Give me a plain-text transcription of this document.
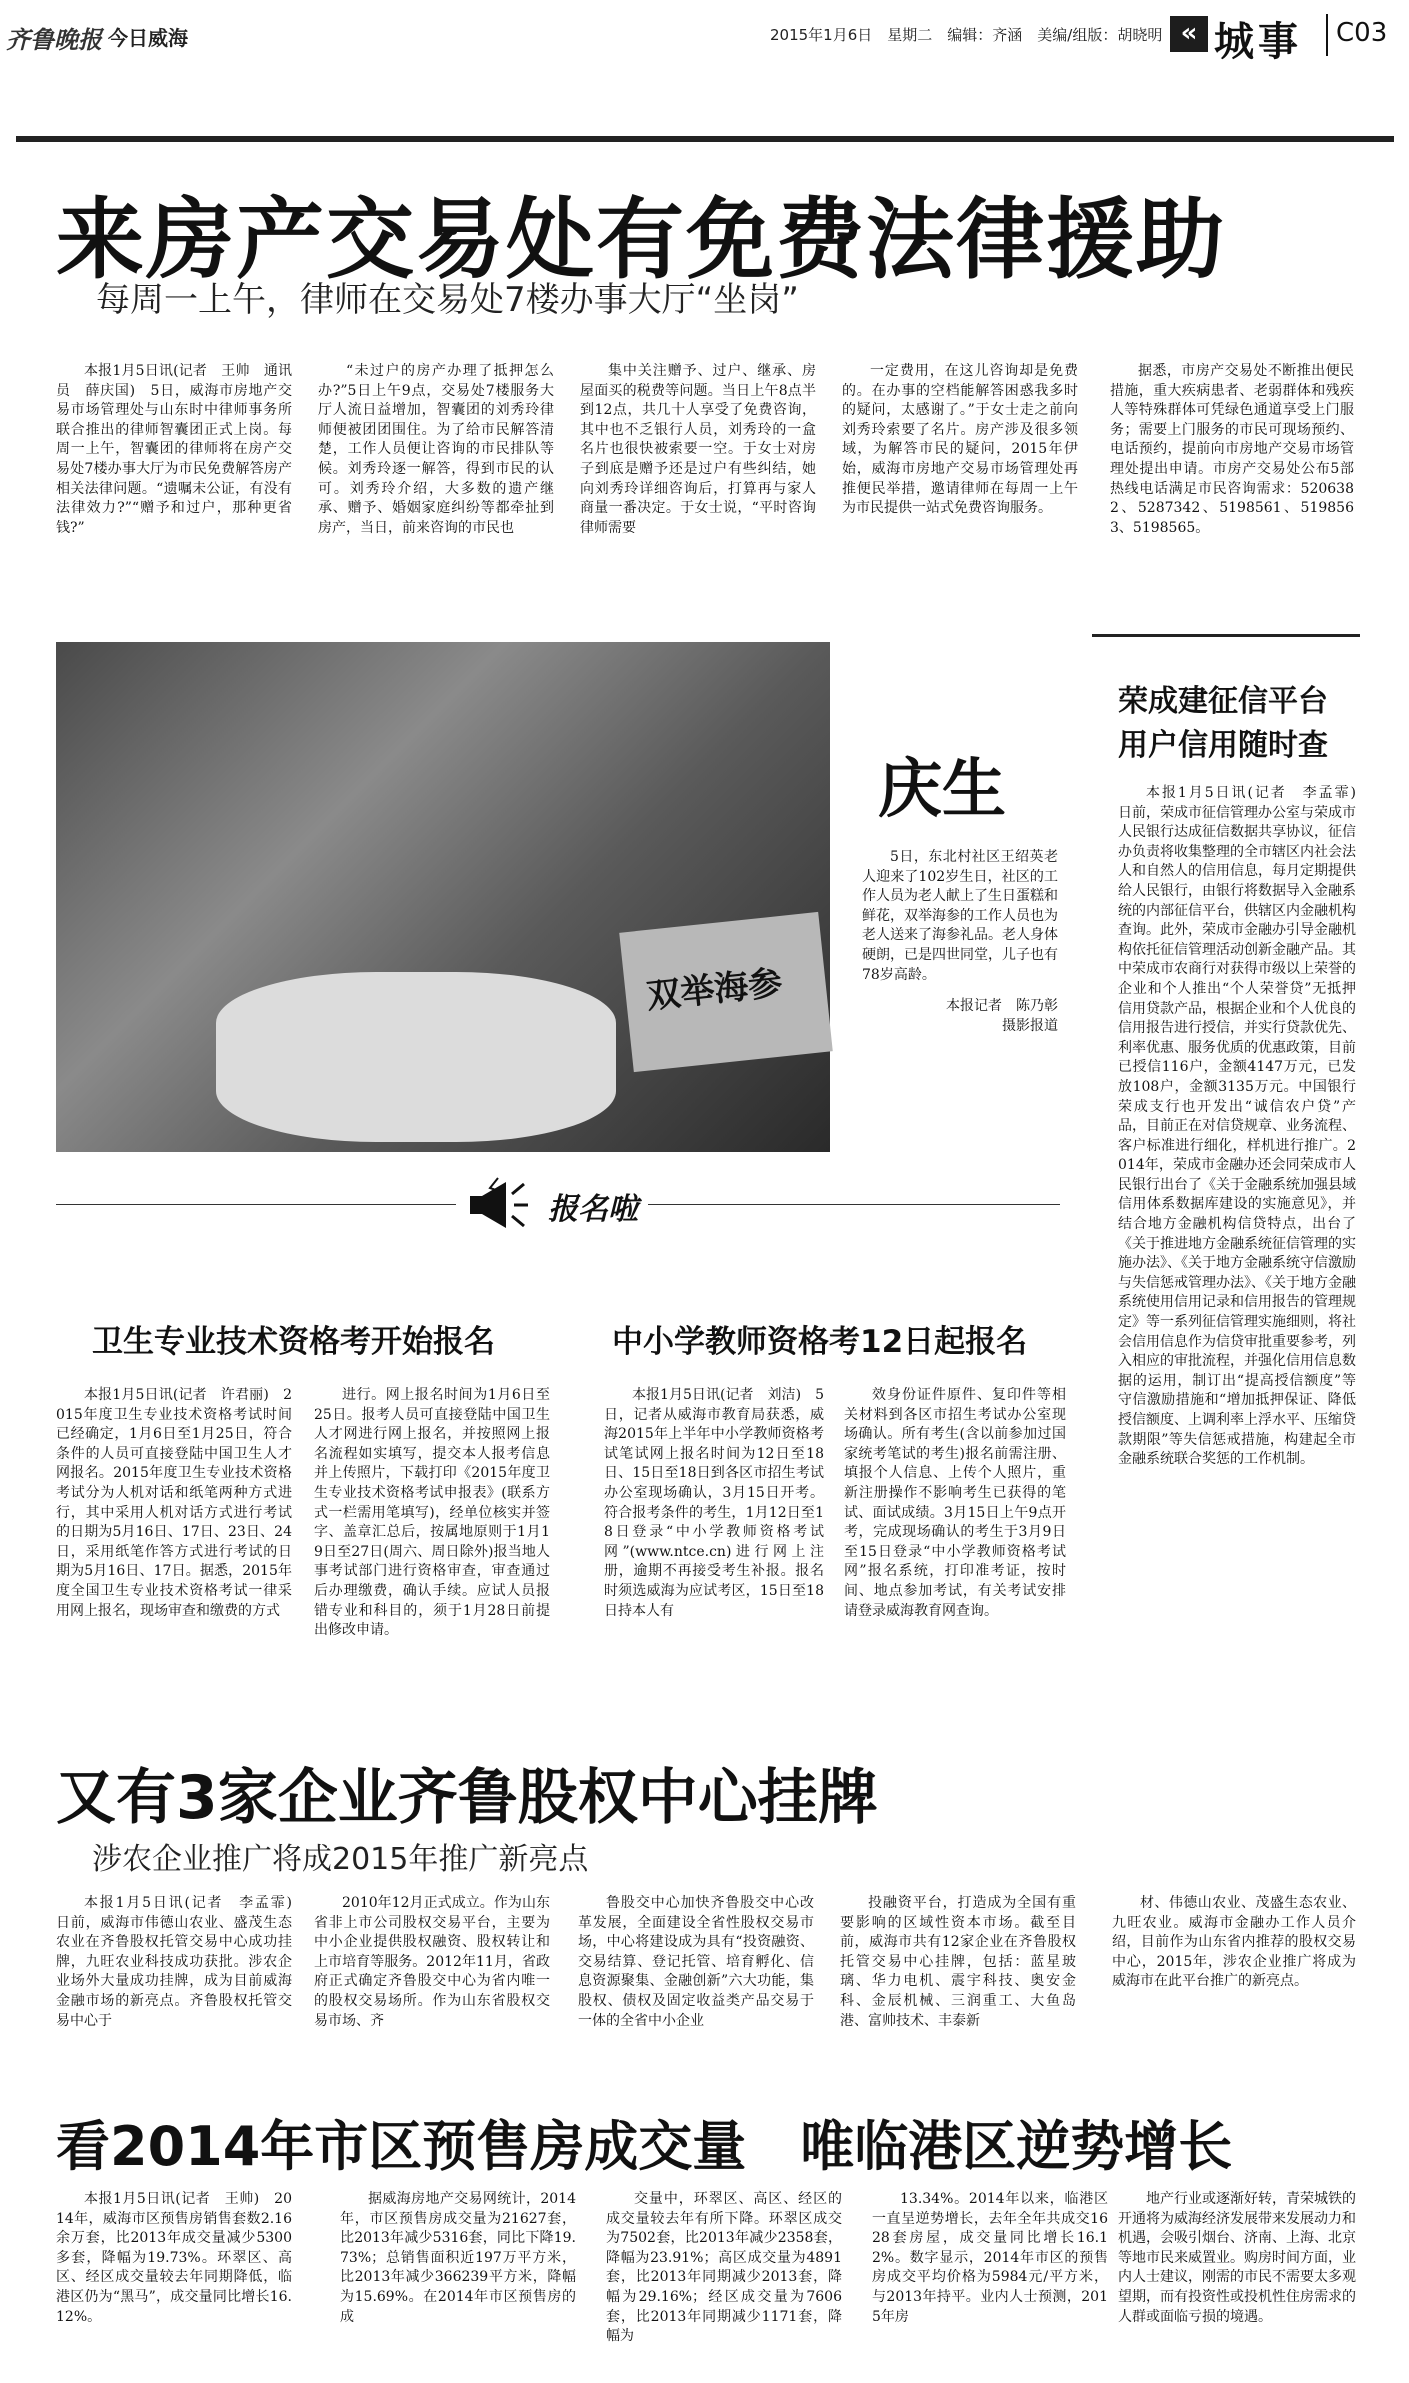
齐鲁晚报 今日威海	2015年1月6日　星期二　编辑：齐涵　美编/组版：胡晓明 « 城事 C03
来房产交易处有免费法律援助
每周一上午，律师在交易处7楼办事大厅“坐岗”

本报1月5日讯(记者　王帅　通讯员　薛庆国)　5日，威海市房地产交易市场管理处与山东时中律师事务所联合推出的律师智囊团正式上岗。每周一上午，智囊团的律师将在房产交易处7楼办事大厅为市民免费解答房产相关法律问题。“遗嘱未公证，有没有法律效力?”“赠予和过户，那种更省钱?”

“未过户的房产办理了抵押怎么办?”5日上午9点，交易处7楼服务大厅人流日益增加，智囊团的刘秀玲律师便被团团围住。为了给市民解答清楚，工作人员便让咨询的市民排队等候。刘秀玲逐一解答，得到市民的认可。刘秀玲介绍，大多数的遗产继承、赠予、婚姻家庭纠纷等都牵扯到房产，当日，前来咨询的市民也

集中关注赠予、过户、继承、房屋面买的税费等问题。当日上午8点半到12点，共几十人享受了免费咨询，其中也不乏银行人员，刘秀玲的一盒名片也很快被索要一空。于女士对房子到底是赠予还是过户有些纠结，她向刘秀玲详细咨询后，打算再与家人商量一番决定。于女士说，“平时咨询律师需要

一定费用，在这儿咨询却是免费的。在办事的空档能解答困惑我多时的疑问，太感谢了。”于女士走之前向刘秀玲索要了名片。房产涉及很多领域，为解答市民的疑问，2015年伊始，威海市房地产交易市场管理处再推便民举措，邀请律师在每周一上午为市民提供一站式免费咨询服务。

据悉，市房产交易处不断推出便民措施，重大疾病患者、老弱群体和残疾人等特殊群体可凭绿色通道享受上门服务；需要上门服务的市民可现场预约、电话预约，提前向市房地产交易市场管理处提出申请。市房产交易处公布5部热线电话满足市民咨询需求：5206382、5287342、5198561、5198563、5198565。

双举海参
庆生
5日，东北村社区王绍英老人迎来了102岁生日，社区的工作人员为老人献上了生日蛋糕和鲜花，双举海参的工作人员也为老人送来了海参礼品。老人身体硬朗，已是四世同堂，儿子也有78岁高龄。
本报记者　陈乃彰
摄影报道
荣成建征信平台
用户信用随时查

本报1月5日讯(记者　李孟霏)　日前，荣成市征信管理办公室与荣成市人民银行达成征信数据共享协议，征信办负责将收集整理的全市辖区内社会法人和自然人的信用信息，每月定期提供给人民银行，由银行将数据导入金融系统的内部征信平台，供辖区内金融机构查询。此外，荣成市金融办引导金融机构依托征信管理活动创新金融产品。其中荣成市农商行对获得市级以上荣誉的企业和个人推出“个人荣誉贷”无抵押信用贷款产品，根据企业和个人优良的信用报告进行授信，并实行贷款优先、利率优惠、服务优质的优惠政策，目前已授信116户，金额4147万元，已发放108户，金额3135万元。中国银行荣成支行也开发出“诚信农户贷”产品，目前正在对信贷规章、业务流程、客户标准进行细化，样机进行推广。2014年，荣成市金融办还会同荣成市人民银行出台了《关于金融系统加强县域信用体系数据库建设的实施意见》，并结合地方金融机构信贷特点，出台了《关于推进地方金融系统征信管理的实施办法》、《关于地方金融系统守信激励与失信惩戒管理办法》、《关于地方金融系统使用信用记录和信用报告的管理规定》等一系列征信管理实施细则，将社会信用信息作为信贷审批重要参考，列入相应的审批流程，并强化信用信息数据的运用，制订出“提高授信额度”等守信激励措施和“增加抵押保证、降低授信额度、上调利率上浮水平、压缩贷款期限”等失信惩戒措施，构建起全市金融系统联合奖惩的工作机制。

报名啦
卫生专业技术资格考开始报名

本报1月5日讯(记者　许君丽)　2015年度卫生专业技术资格考试时间已经确定，1月6日至1月25日，符合条件的人员可直接登陆中国卫生人才网报名。2015年度卫生专业技术资格考试分为人机对话和纸笔两种方式进行，其中采用人机对话方式进行考试的日期为5月16日、17日、23日、24日，采用纸笔作答方式进行考试的日期为5月16日、17日。据悉，2015年度全国卫生专业技术资格考试一律采用网上报名，现场审查和缴费的方式

进行。网上报名时间为1月6日至25日。报考人员可直接登陆中国卫生人才网进行网上报名，并按照网上报名流程如实填写，提交本人报考信息并上传照片，下载打印《2015年度卫生专业技术资格考试申报表》(联系方式一栏需用笔填写)，经单位核实并签字、盖章汇总后，按属地原则于1月19日至27日(周六、周日除外)报当地人事考试部门进行资格审查，审查通过后办理缴费，确认手续。应试人员报错专业和科目的，须于1月28日前提出修改申请。

中小学教师资格考12日起报名

本报1月5日讯(记者　刘洁)　5日，记者从威海市教育局获悉，威海2015年上半年中小学教师资格考试笔试网上报名时间为12日至18日、15日至18日到各区市招生考试办公室现场确认，3月15日开考。符合报考条件的考生，1月12日至18日登录“中小学教师资格考试网”(www.ntce.cn)进行网上注册，逾期不再接受考生补报。报名时须选威海为应试考区，15日至18日持本人有

效身份证件原件、复印件等相关材料到各区市招生考试办公室现场确认。所有考生(含以前参加过国家统考笔试的考生)报名前需注册、填报个人信息、上传个人照片，重新注册操作不影响考生已获得的笔试、面试成绩。3月15日上午9点开考，完成现场确认的考生于3月9日至15日登录“中小学教师资格考试网”报名系统，打印准考证，按时间、地点参加考试，有关考试安排请登录威海教育网查询。

又有3家企业齐鲁股权中心挂牌
涉农企业推广将成2015年推广新亮点

本报1月5日讯(记者　李孟霏)　日前，威海市伟德山农业、盛茂生态农业在齐鲁股权托管交易中心成功挂牌，九旺农业科技成功获批。涉农企业场外大量成功挂牌，成为目前威海金融市场的新亮点。齐鲁股权托管交易中心于

2010年12月正式成立。作为山东省非上市公司股权交易平台，主要为中小企业提供股权融资、股权转让和上市培育等服务。2012年11月，省政府正式确定齐鲁股交中心为省内唯一的股权交易场所。作为山东省股权交易市场、齐

鲁股交中心加快齐鲁股交中心改革发展，全面建设全省性股权交易市场，中心将建设成为具有“投资融资、交易结算、登记托管、培育孵化、信息资源聚集、金融创新”六大功能，集股权、债权及固定收益类产品交易于一体的全省中小企业

投融资平台，打造成为全国有重要影响的区域性资本市场。截至目前，威海市共有12家企业在齐鲁股权托管交易中心挂牌，包括：蓝星玻璃、华力电机、震宇科技、奥安金科、金辰机械、三润重工、大鱼岛港、富帅技术、丰泰新

材、伟德山农业、茂盛生态农业、九旺农业。威海市金融办工作人员介绍，目前作为山东省内推荐的股权交易中心，2015年，涉农企业推广将成为威海市在此平台推广的新亮点。

看2014年市区预售房成交量　唯临港区逆势增长

本报1月5日讯(记者　王帅)　2014年，威海市区预售房销售套数2.16余万套，比2013年成交量减少5300多套，降幅为19.73%。环翠区、高区、经区成交量较去年同期降低，临港区仍为“黑马”，成交量同比增长16.12%。

据威海房地产交易网统计，2014年，市区预售房成交量为21627套，比2013年减少5316套，同比下降19.73%；总销售面积近197万平方米，比2013年减少366239平方米，降幅为15.69%。在2014年市区预售房的成

交量中，环翠区、高区、经区的成交量较去年有所下降。环翠区成交为7502套，比2013年减少2358套，降幅为23.91%；高区成交量为4891套，比2013年同期减少2013套，降幅为29.16%；经区成交量为7606套，比2013年同期减少1171套，降幅为

13.34%。2014年以来，临港区一直呈逆势增长，去年全年共成交1628套房屋，成交量同比增长16.12%。数字显示，2014年市区的预售房成交平均价格为5984元/平方米，与2013年持平。业内人士预测，2015年房

地产行业或逐渐好转，青荣城铁的开通将为威海经济发展带来发展动力和机遇，会吸引烟台、济南、上海、北京等地市民来威置业。购房时间方面，业内人士建议，刚需的市民不需要太多观望期，而有投资性或投机性住房需求的人群或面临亏损的境遇。
